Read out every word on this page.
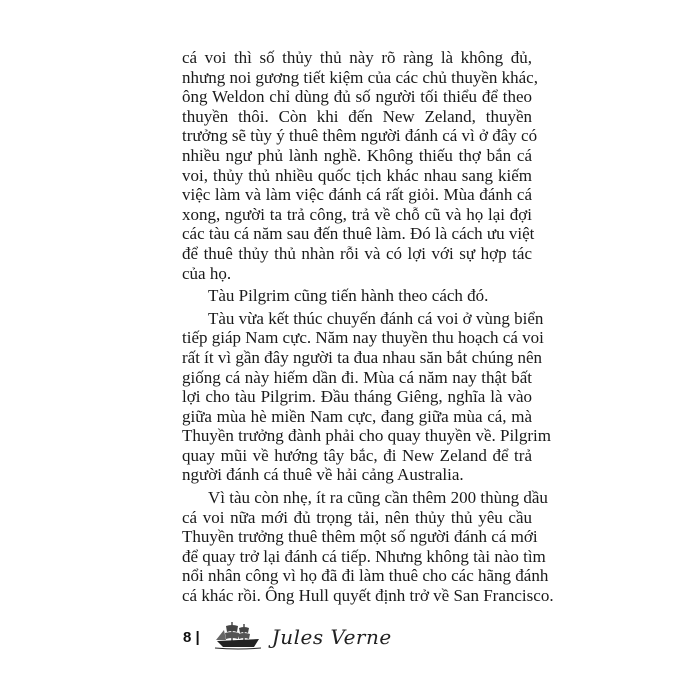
cá voi thì số thủy thủ này rõ ràng là không đủ,
nhưng noi gương tiết kiệm của các chủ thuyền khác,
ông Weldon chỉ dùng đủ số người tối thiểu để theo
thuyền thôi. Còn khi đến New Zeland, thuyền
trưởng sẽ tùy ý thuê thêm người đánh cá vì ở đây có
nhiều ngư phủ lành nghề. Không thiếu thợ bắn cá
voi, thủy thủ nhiều quốc tịch khác nhau sang kiếm
việc làm và làm việc đánh cá rất giỏi. Mùa đánh cá
xong, người ta trả công, trả về chỗ cũ và họ lại đợi
các tàu cá năm sau đến thuê làm. Đó là cách ưu việt
để thuê thủy thủ nhàn rỗi và có lợi với sự hợp tác
của họ.
Tàu Pilgrim cũng tiến hành theo cách đó.
Tàu vừa kết thúc chuyến đánh cá voi ở vùng biển
tiếp giáp Nam cực. Năm nay thuyền thu hoạch cá voi
rất ít vì gần đây người ta đua nhau săn bắt chúng nên
giống cá này hiếm dần đi. Mùa cá năm nay thật bất
lợi cho tàu Pilgrim. Đầu tháng Giêng, nghĩa là vào
giữa mùa hè miền Nam cực, đang giữa mùa cá, mà
Thuyền trưởng đành phải cho quay thuyền về. Pilgrim
quay mũi về hướng tây bắc, đi New Zeland để trả
người đánh cá thuê về hải cảng Australia.
Vì tàu còn nhẹ, ít ra cũng cần thêm 200 thùng dầu
cá voi nữa mới đủ trọng tải, nên thủy thủ yêu cầu
Thuyền trưởng thuê thêm một số người đánh cá mới
để quay trở lại đánh cá tiếp. Nhưng không tài nào tìm
nổi nhân công vì họ đã đi làm thuê cho các hãng đánh
cá khác rồi. Ông Hull quyết định trở về San Francisco.
8 |	Jules Verne
